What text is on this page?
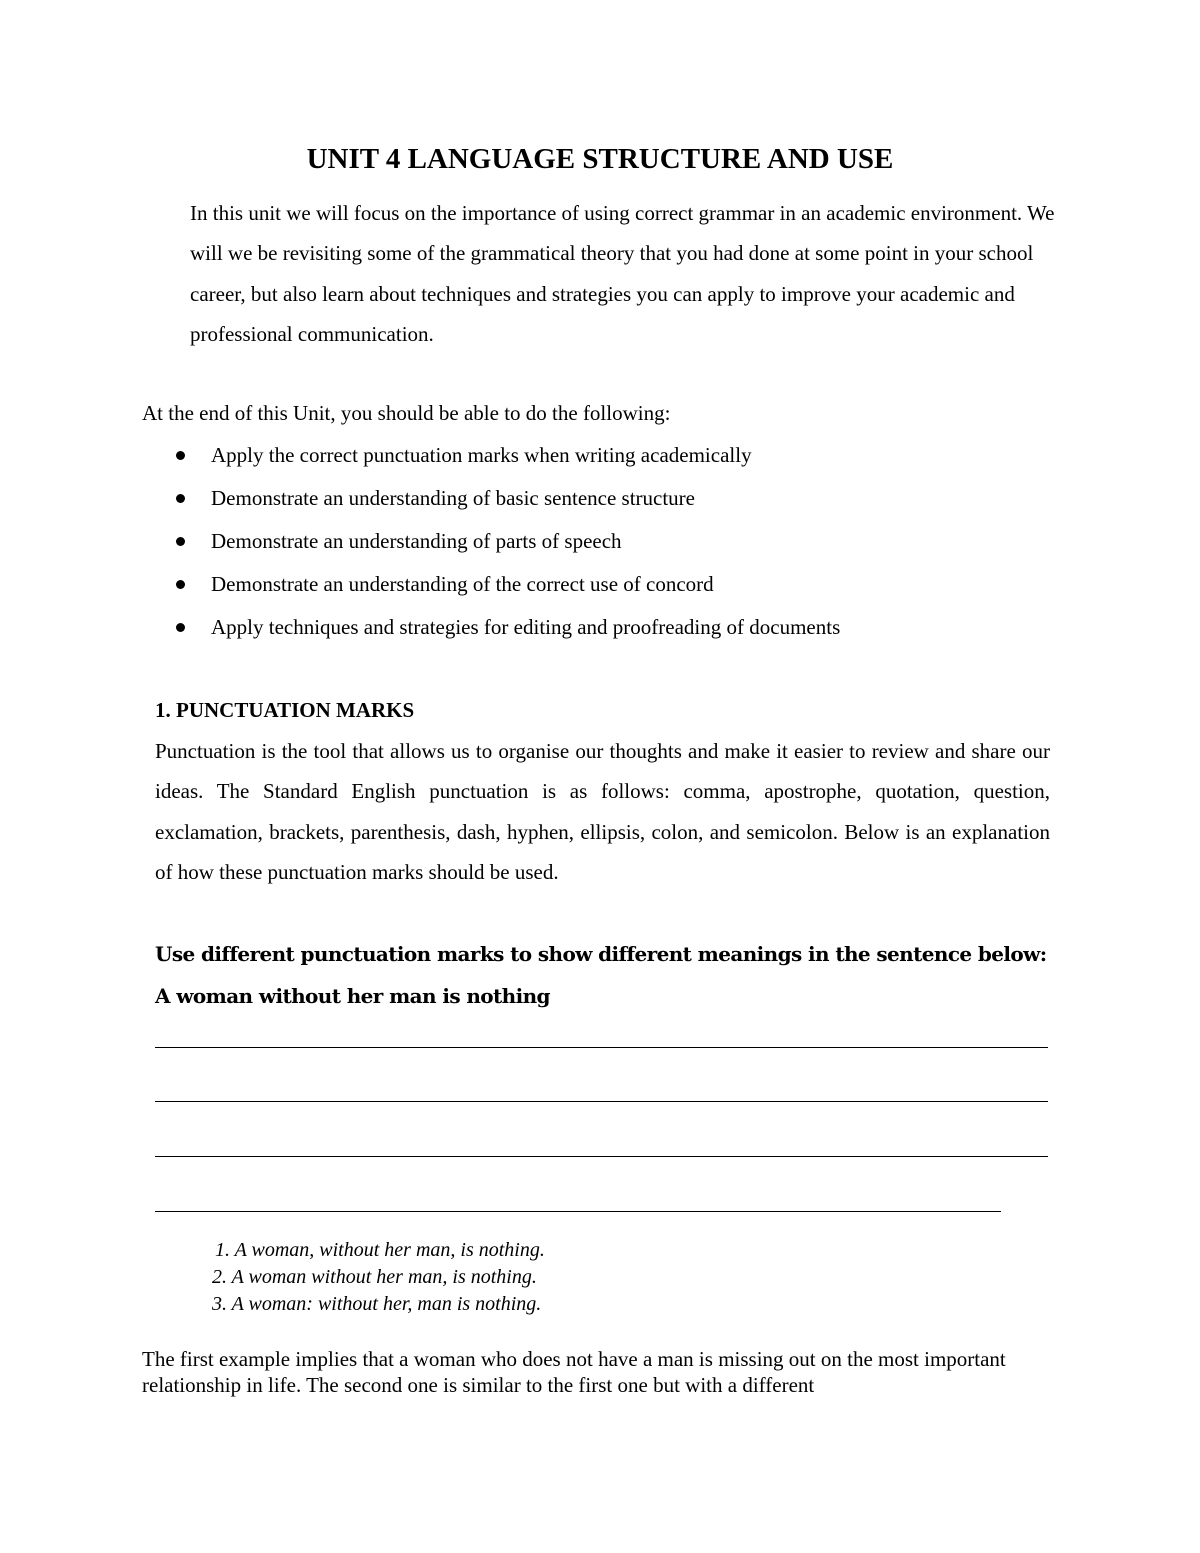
UNIT 4 LANGUAGE STRUCTURE AND USE
In this unit we will focus on the importance of using correct grammar in an academic environment. We will we be revisiting some of the grammatical theory that you had done at some point in your school career, but also learn about techniques and strategies you can apply to improve your academic and professional communication.
At the end of this Unit, you should be able to do the following:
Apply the correct punctuation marks when writing academically
Demonstrate an understanding of basic sentence structure
Demonstrate an understanding of parts of speech
Demonstrate an understanding of the correct use of concord
Apply techniques and strategies for editing and proofreading of documents
1. PUNCTUATION MARKS
Punctuation is the tool that allows us to organise our thoughts and make it easier to review and share our ideas. The Standard English punctuation is as follows: comma, apostrophe, quotation, question, exclamation, brackets, parenthesis, dash, hyphen, ellipsis, colon, and semicolon. Below is an explanation of how these punctuation marks should be used.
Use different punctuation marks to show different meanings in the sentence below:
A woman without her man is nothing
1. A woman, without her man, is nothing.
2. A woman without her man, is nothing.
3. A woman: without her, man is nothing.
The first example implies that a woman who does not have a man is missing out on the most important relationship in life. The second one is similar to the first one but with a different
